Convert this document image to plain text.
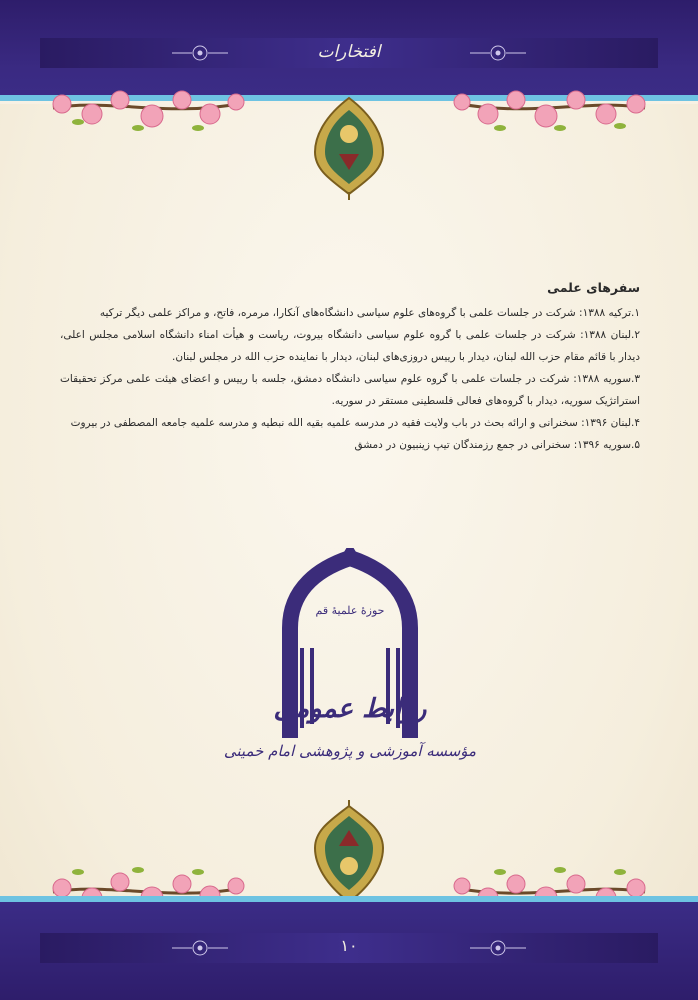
افتخارات

سفرهای علمی

۱.ترکیه ۱۳۸۸: شرکت در جلسات علمی با گروه‌های علوم سیاسی دانشگاه‌های آنکارا، مرمره، فاتح، و مراکز علمی دیگر ترکیه

۲.لبنان ۱۳۸۸: شرکت در جلسات علمی با گروه علوم سیاسی دانشگاه بیروت، ریاست و هیأت امناء دانشگاه اسلامی مجلس اعلی، دیدار با قائم مقام حزب الله لبنان، دیدار با رییس دروزی‌های لبنان، دیدار با نماینده حزب الله در مجلس لبنان.

۳.سوریه ۱۳۸۸: شرکت در جلسات علمی با گروه علوم سیاسی دانشگاه دمشق، جلسه با رییس و اعضای هیئت علمی مرکز تحقیقات استراتژیک سوریه، دیدار با گروه‌های فعالی فلسطینی مستقر در سوریه.

۴.لبنان ۱۳۹۶: سخنرانی و ارائه بحث در باب ولایت فقیه در مدرسه علمیه بقیه الله نبطیه و مدرسه علمیه جامعه المصطفی در بیروت

۵.سوریه ۱۳۹۶: سخنرانی در جمع رزمندگان تیپ زینبیون در دمشق

حوزهٔ علمیهٔ قم
روابط عمومی
مؤسسه آموزشی و پژوهشی امام خمینی
۱۰
